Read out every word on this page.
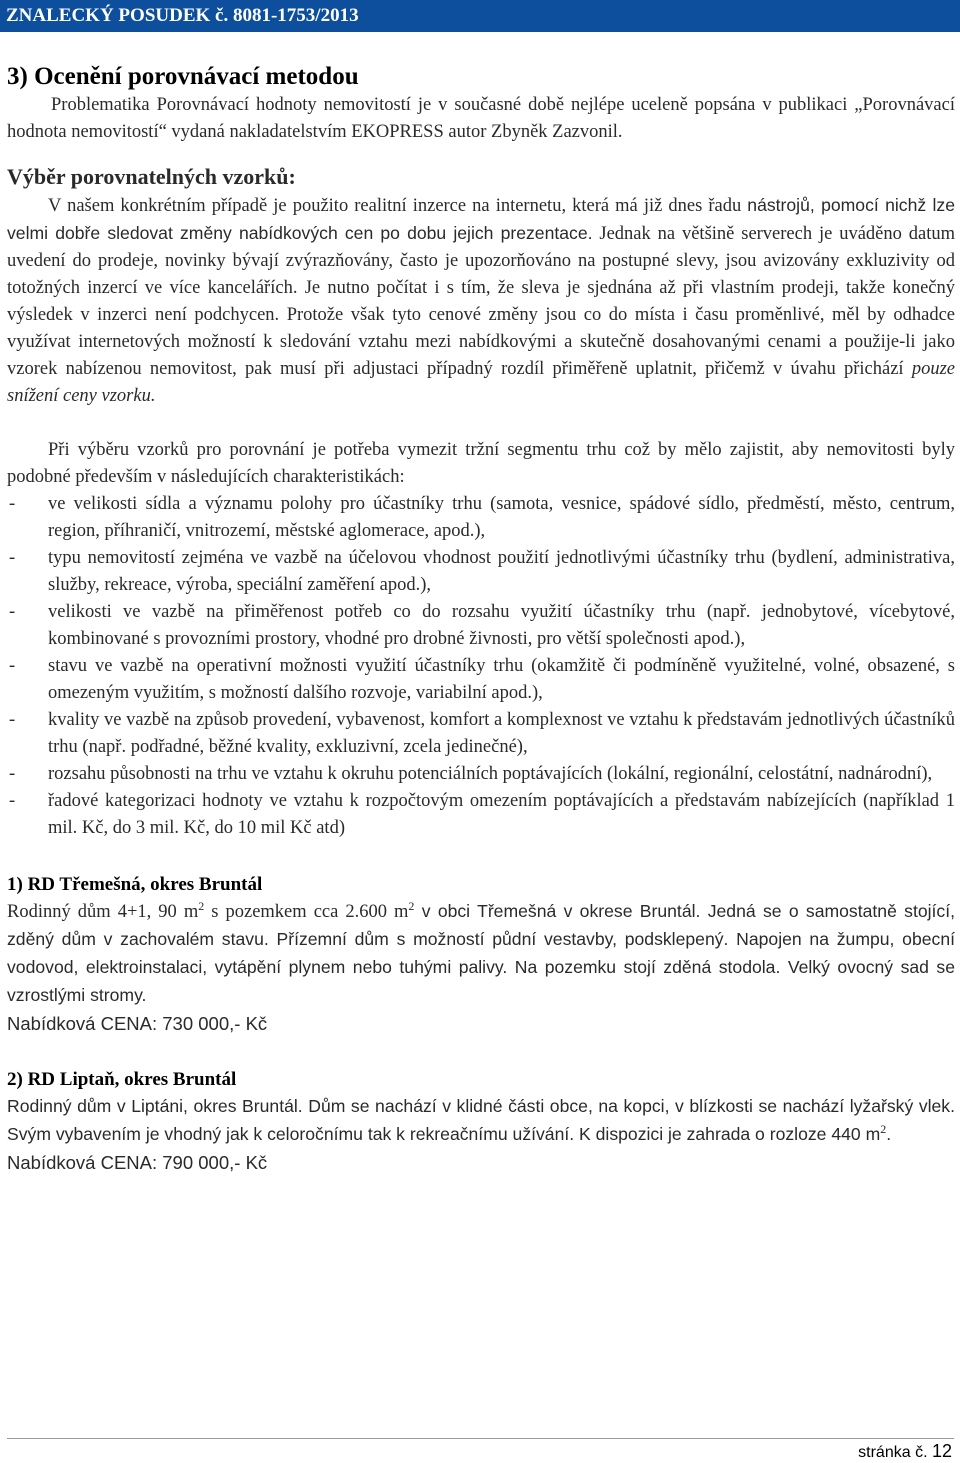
ZNALECKÝ POSUDEK č. 8081-1753/2013
3) Ocenění porovnávací metodou

Problematika Porovnávací hodnoty nemovitostí je v současné době nejlépe uceleně popsána v publikaci „Porovnávací hodnota nemovitostí“ vydaná nakladatelstvím EKOPRESS autor Zbyněk Zazvonil.

Výběr porovnatelných vzorků:

V našem konkrétním případě je použito realitní inzerce na internetu, která má již dnes řadu nástrojů, pomocí nichž lze velmi dobře sledovat změny nabídkových cen po dobu jejich prezentace. Jednak na většině serverech je uváděno datum uvedení do prodeje, novinky bývají zvýrazňovány, často je upozorňováno na postupné slevy, jsou avizovány exkluzivity od totožných inzercí ve více kancelářích. Je nutno počítat i s tím, že sleva je sjednána až při vlastním prodeji, takže konečný výsledek v inzerci není podchycen. Protože však tyto cenové změny jsou co do místa i času proměnlivé, měl by odhadce využívat internetových možností k sledování vztahu mezi nabídkovými a skutečně dosahovanými cenami a použije-li jako vzorek nabízenou nemovitost, pak musí při adjustaci případný rozdíl přiměřeně uplatnit, přičemž v úvahu přichází pouze snížení ceny vzorku.

Při výběru vzorků pro porovnání je potřeba vymezit tržní segmentu trhu což by mělo zajistit, aby nemovitosti byly podobné především v následujících charakteristikách:

- ve velikosti sídla a významu polohy pro účastníky trhu (samota, vesnice, spádové sídlo, předměstí, město, centrum, region, příhraničí, vnitrozemí, městské aglomerace, apod.),
- typu nemovitostí zejména ve vazbě na účelovou vhodnost použití jednotlivými účastníky trhu (bydlení, administrativa, služby, rekreace, výroba, speciální zaměření apod.),
- velikosti ve vazbě na přiměřenost potřeb co do rozsahu využití účastníky trhu (např. jednobytové, vícebytové, kombinované s provozními prostory, vhodné pro drobné živnosti, pro větší společnosti apod.),
- stavu ve vazbě na operativní možnosti využití účastníky trhu (okamžitě či podmíněně využitelné, volné, obsazené, s omezeným využitím, s možností dalšího rozvoje, variabilní apod.),
- kvality ve vazbě na způsob provedení, vybavenost, komfort a komplexnost ve vztahu k představám jednotlivých účastníků trhu (např. podřadné, běžné kvality, exkluzivní, zcela jedinečné),
- rozsahu působnosti na trhu ve vztahu k okruhu potenciálních poptávajících (lokální, regionální, celostátní, nadnárodní),
- řadové kategorizaci hodnoty ve vztahu k rozpočtovým omezením poptávajících a představám nabízejících (například 1 mil. Kč, do 3 mil. Kč, do 10 mil Kč atd)
1) RD Třemešná, okres Bruntál

Rodinný dům 4+1, 90 $m^2$ s pozemkem cca 2.600 $m^2$ v obci Třemešná v okrese Bruntál. Jedná se o samostatně stojící, zděný dům v zachovalém stavu. Přízemní dům s možností půdní vestavby, podsklepený. Napojen na žumpu, obecní vodovod, elektroinstalaci, vytápění plynem nebo tuhými palivy. Na pozemku stojí zděná stodola. Velký ovocný sad se vzrostlými stromy.

Nabídková CENA: 730 000,- Kč

2) RD Liptaň, okres Bruntál

Rodinný dům v Liptáni, okres Bruntál. Dům se nachází v klidné části obce, na kopci, v blízkosti se nachází lyžařský vlek. Svým vybavením je vhodný jak k celoročnímu tak k rekreačnímu užívání. K dispozici je zahrada o rozloze 440 $m^2$.

Nabídková CENA: 790 000,- Kč

stránka č. 12
